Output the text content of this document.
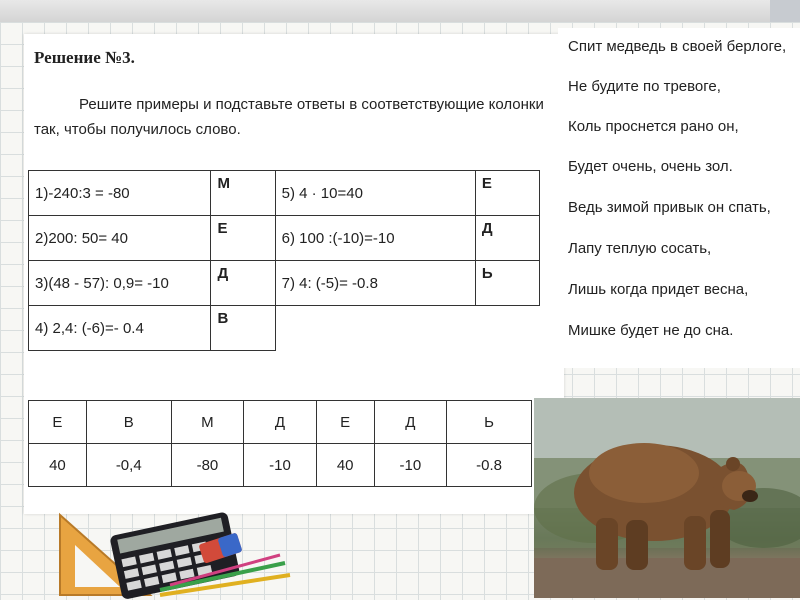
Решение №3.
Решите примеры и подставьте ответы в соответствующие колонки так, чтобы получилось слово.
1)-240:3 = -80	М	5) 4 · 10=40	Е
2)200: 50= 40	Е	6) 100 :(-10)=-10	Д
3)(48 - 57): 0,9= -10	Д	7) 4: (-5)= -0.8	Ь
4) 2,4: (-6)=- 0.4	В		
Е	В	М	Д	Е	Д	Ь
40	-0,4	-80	-10	40	-10	-0.8
Спит медведь в своей берлоге,
Не будите по тревоге,
Коль проснется рано он,
Будет очень, очень зол.
Ведь зимой привык он спать,
Лапу теплую сосать,
Лишь когда придет весна,
Мишке будет не до сна.
